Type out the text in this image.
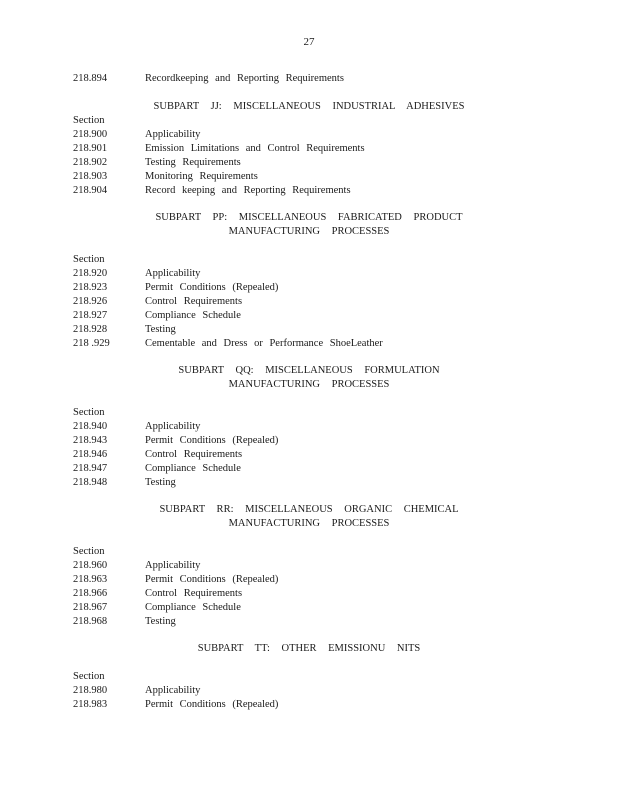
27
218.894	Recordkeeping and Reporting Requirements
SUBPART JJ: MISCELLANEOUS INDUSTRIAL ADHESIVES
Section
218.900	Applicability
218.901	Emission Limitations and Control Requirements
218.902	Testing Requirements
218.903	Monitoring Requirements
218.904	Record keeping and Reporting Requirements
SUBPART PP: MISCELLANEOUS FABRICATED PRODUCT
MANUFACTURING PROCESSES
Section
218.920	Applicability
218.923	Permit Conditions (Repealed)
218.926	Control Requirements
218.927	Compliance Schedule
218.928	Testing
218 .929	Cementable and Dress or Performance ShoeLeather
SUBPART QQ: MISCELLANEOUS FORMULATION
MANUFACTURING PROCESSES
Section
218.940	Applicability
218.943	Permit Conditions (Repealed)
218.946	Control Requirements
218.947	Compliance Schedule
218.948	Testing
SUBPART RR: MISCELLANEOUS ORGANIC CHEMICAL
MANUFACTURING PROCESSES
Section
218.960	Applicability
218.963	Permit Conditions (Repealed)
218.966	Control Requirements
218.967	Compliance Schedule
218.968	Testing
SUBPART TT: OTHER EMISSIONU NITS
Section
218.980	Applicability
218.983	Permit Conditions (Repealed)
